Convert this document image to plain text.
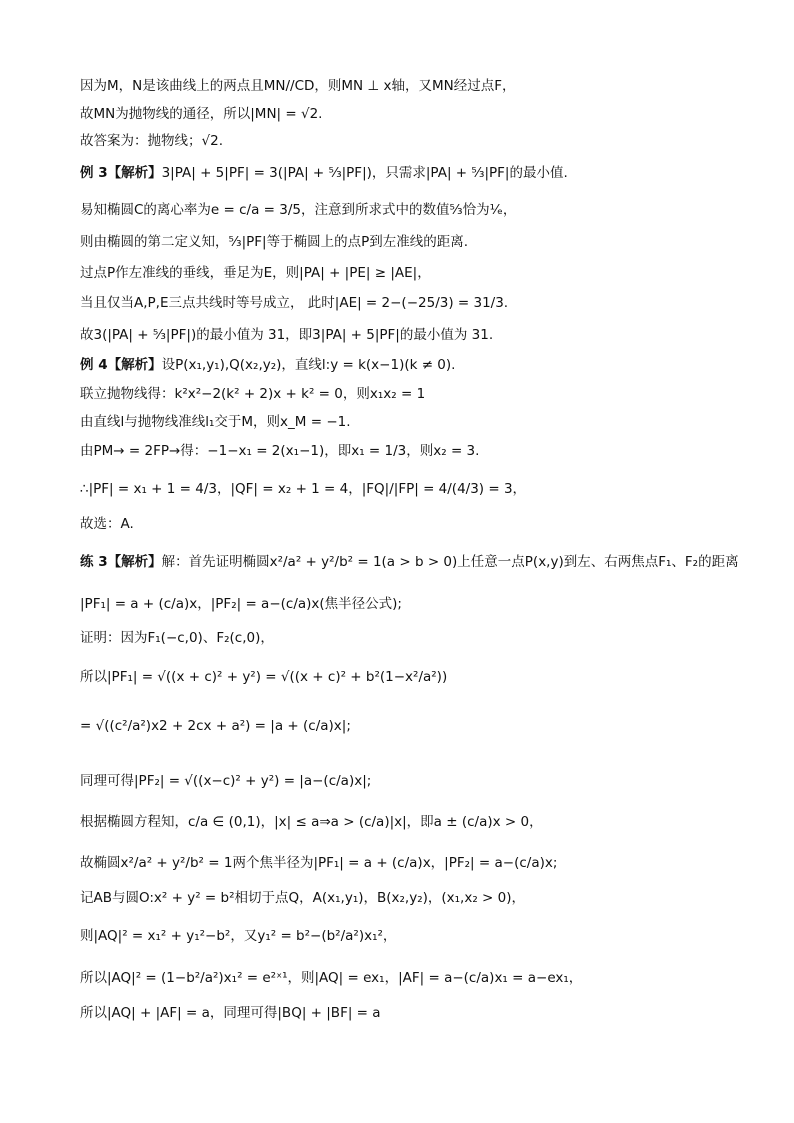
因为M，N是该曲线上的两点且MN//CD，则MN ⊥ x轴，又MN经过点F，
故MN为抛物线的通径，所以|MN| = √2.
故答案为：抛物线；√2.
例 3【解析】3|PA| + 5|PF| = 3(|PA| + ⁵⁄₃|PF|)，只需求|PA| + ⁵⁄₃|PF|的最小值.
易知椭圆C的离心率为e = c/a = 3/5，注意到所求式中的数值⁵⁄₃恰为¹⁄ₑ，
则由椭圆的第二定义知，⁵⁄₃|PF|等于椭圆上的点P到左准线的距离.
过点P作左准线的垂线，垂足为E，则|PA| + |PE| ≥ |AE|，
当且仅当A,P,E三点共线时等号成立， 此时|AE| = 2−(−25/3) = 31/3.
故3(|PA| + ⁵⁄₃|PF|)的最小值为 31，即3|PA| + 5|PF|的最小值为 31.
例 4【解析】设P(x₁,y₁),Q(x₂,y₂)，直线l:y = k(x−1)(k ≠ 0).
联立抛物线得：k²x²−2(k² + 2)x + k² = 0，则x₁x₂ = 1
由直线l与抛物线准线l₁交于M，则x_M = −1.
由PM→ = 2FP→得：−1−x₁ = 2(x₁−1)，即x₁ = 1/3，则x₂ = 3.
∴|PF| = x₁ + 1 = 4/3，|QF| = x₂ + 1 = 4，|FQ|/|FP| = 4/(4/3) = 3，
故选：A.
练 3【解析】解：首先证明椭圆x²/a² + y²/b² = 1(a > b > 0)上任意一点P(x,y)到左、右两焦点F₁、F₂的距离
|PF₁| = a + (c/a)x，|PF₂| = a−(c/a)x(焦半径公式);
证明：因为F₁(−c,0)、F₂(c,0)，
所以|PF₁| = √((x + c)² + y²) = √((x + c)² + b²(1−x²/a²))
= √((c²/a²)x2 + 2cx + a²) = |a + (c/a)x|;
同理可得|PF₂| = √((x−c)² + y²) = |a−(c/a)x|;
根据椭圆方程知，c/a ∈ (0,1)，|x| ≤ a⇒a > (c/a)|x|，即a ± (c/a)x > 0，
故椭圆x²/a² + y²/b² = 1两个焦半径为|PF₁| = a + (c/a)x，|PF₂| = a−(c/a)x;
记AB与圆O:x² + y² = b²相切于点Q，A(x₁,y₁)，B(x₂,y₂)，(x₁,x₂ > 0)，
则|AQ|² = x₁² + y₁²−b²，又y₁² = b²−(b²/a²)x₁²，
所以|AQ|² = (1−b²/a²)x₁² = e²ˣ¹，则|AQ| = ex₁，|AF| = a−(c/a)x₁ = a−ex₁，
所以|AQ| + |AF| = a，同理可得|BQ| + |BF| = a
